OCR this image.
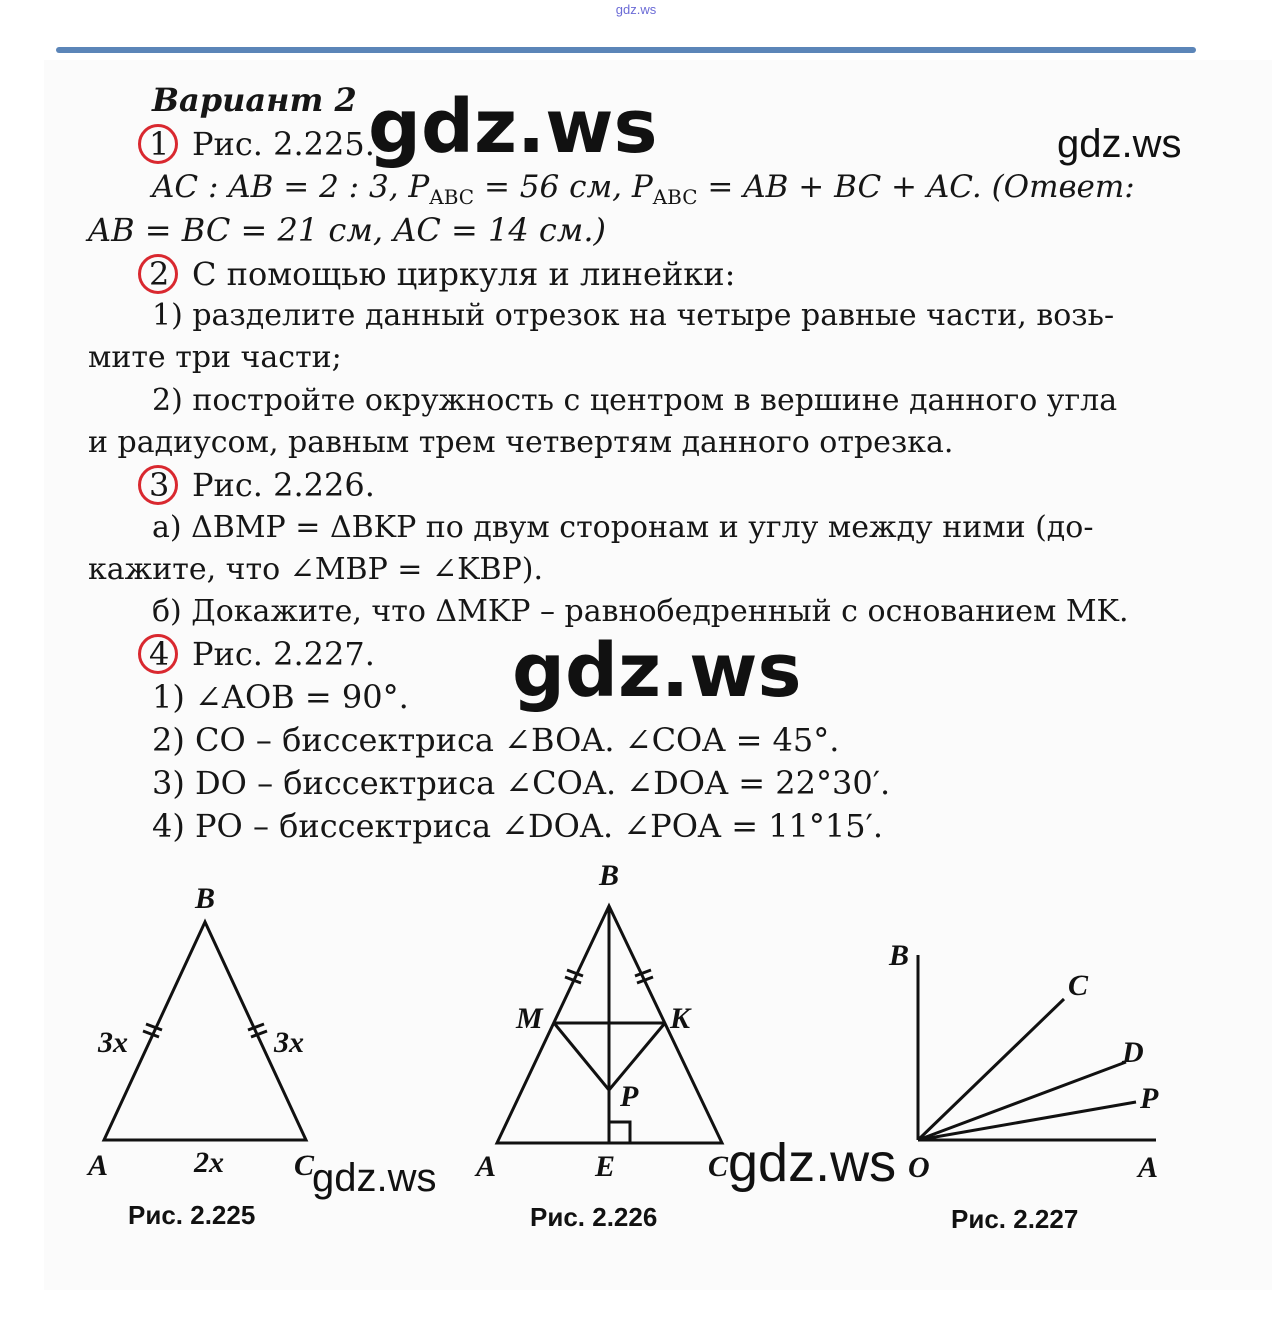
gdz.ws
Вариант 2
1 Рис. 2.225.
AC : AB = 2 : 3, $P_{ABC} = 56$ см, $P_{ABC}$ = AB + BC + AC. (Ответ:
AB = BC = 21 см, AC = 14 см.)
2 С помощью циркуля и линейки:
1) разделите данный отрезок на четыре равные части, возь-
мите три части;
2) постройте окружность с центром в вершине данного угла
и радиусом, равным трем четвертям данного отрезка.
3 Рис. 2.226.
а) ΔBMP = ΔBKP по двум сторонам и углу между ними (до-
кажите, что ∠MBP = ∠KBP).
б) Докажите, что ΔMKP – равнобедренный с основанием MK.
4 Рис. 2.227.
1) ∠AOB = 90°.
2) CO – биссектриса ∠BOA. ∠COA = 45°.
3) DO – биссектриса ∠COA. ∠DOA = 22°30′.
4) PO – биссектриса ∠DOA. ∠POA = 11°15′.
B
A	C
3x	3x
2x
Рис. 2.225
B
M	K
P
A	E	C
Рис. 2.226
B
C
D
P
O	A
Рис. 2.227
gdz.ws	gdz.ws
gdz.ws
gdz.ws	gdz.ws
